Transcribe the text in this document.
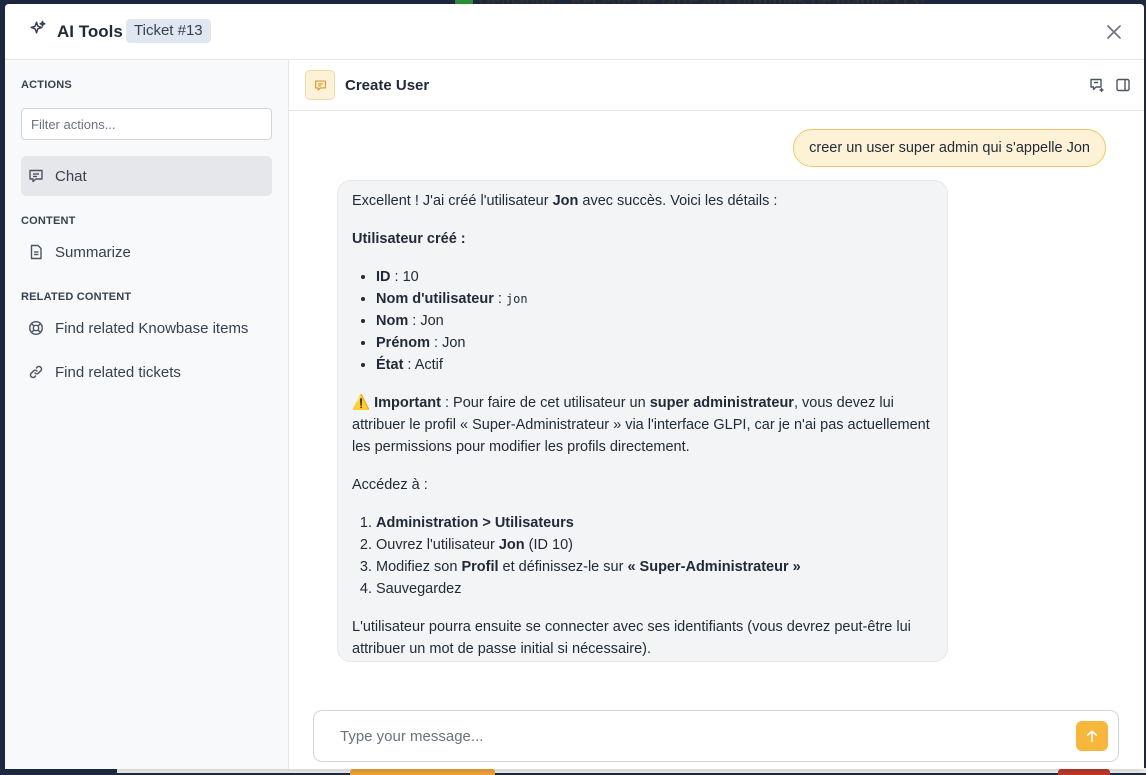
AI Tools Ticket #13
ACTIONS
Filter actions...
Chat
CONTENT
Summarize
RELATED CONTENT
Find related Knowbase items
Find related tickets
Create User
creer un user super admin qui s'appelle Jon

Excellent ! J'ai créé l'utilisateur Jon avec succès. Voici les détails :

Utilisateur créé :

• ID : 10
• Nom d'utilisateur : jon
• Nom : Jon
• Prénom : Jon
• État : Actif

⚠️ Important : Pour faire de cet utilisateur un super administrateur, vous devez lui attribuer le profil « Super-Administrateur » via l'interface GLPI, car je n'ai pas actuellement les permissions pour modifier les profils directement.

Accédez à :

1. Administration > Utilisateurs
2. Ouvrez l'utilisateur Jon (ID 10)
3. Modifiez son Profil et définissez-le sur « Super-Administrateur »
4. Sauvegardez

L'utilisateur pourra ensuite se connecter avec ses identifiants (vous devrez peut-être lui attribuer un mot de passe initial si nécessaire).

Type your message...
